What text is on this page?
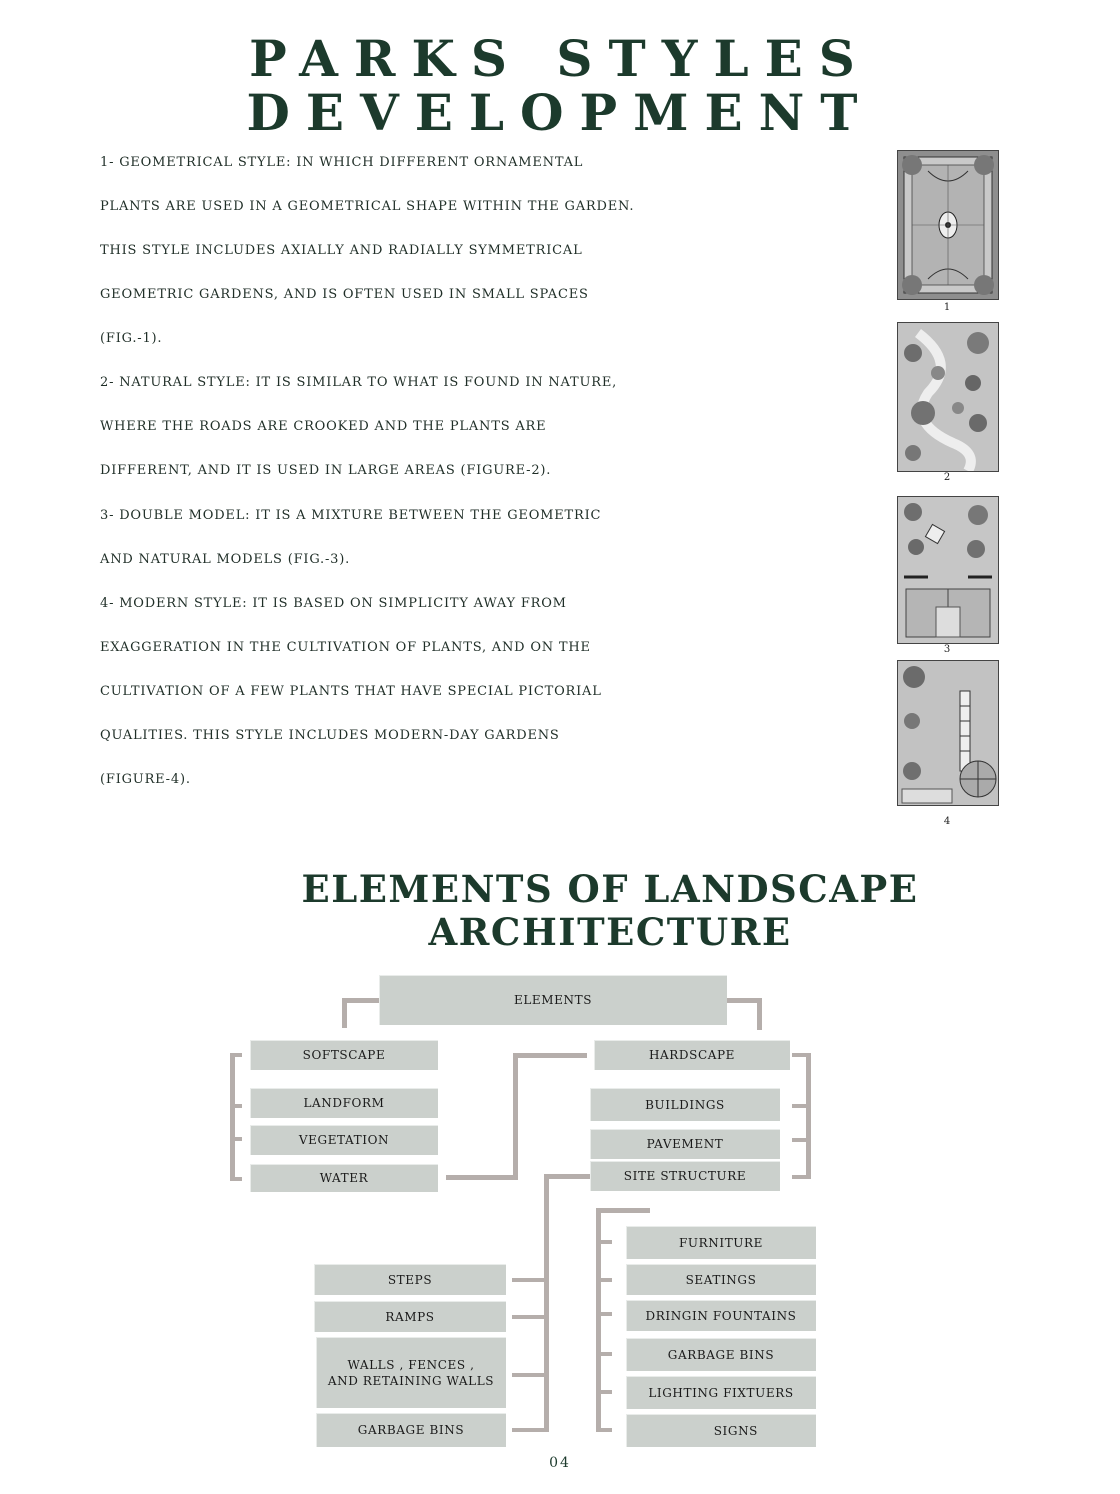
PARKS STYLES
DEVELOPMENT
1- GEOMETRICAL STYLE: IN WHICH DIFFERENT ORNAMENTAL
PLANTS ARE USED IN A GEOMETRICAL SHAPE WITHIN THE GARDEN.
THIS STYLE INCLUDES AXIALLY AND RADIALLY SYMMETRICAL
GEOMETRIC GARDENS, AND IS OFTEN USED IN SMALL SPACES
(FIG.-1).
2- NATURAL STYLE: IT IS SIMILAR TO WHAT IS FOUND IN NATURE,
WHERE THE ROADS ARE CROOKED AND THE PLANTS ARE
DIFFERENT, AND IT IS USED IN LARGE AREAS (FIGURE-2).
3- DOUBLE MODEL: IT IS A MIXTURE BETWEEN THE GEOMETRIC
AND NATURAL MODELS (FIG.-3).
4- MODERN STYLE: IT IS BASED ON SIMPLICITY AWAY FROM
EXAGGERATION IN THE CULTIVATION OF PLANTS, AND ON THE
CULTIVATION OF A FEW PLANTS THAT HAVE SPECIAL PICTORIAL
QUALITIES. THIS STYLE INCLUDES MODERN-DAY GARDENS
(FIGURE-4).
1
2
3
4
ELEMENTS OF LANDSCAPE
ARCHITECTURE
ELEMENTS
SOFTSCAPE
LANDFORM
VEGETATION
WATER
HARDSCAPE
BUILDINGS
PAVEMENT
SITE STRUCTURE
STEPS
RAMPS
WALLS , FENCES ,
AND RETAINING WALLS
GARBAGE BINS
FURNITURE
SEATINGS
DRINGIN FOUNTAINS
GARBAGE BINS
LIGHTING FIXTUERS
SIGNS
04
